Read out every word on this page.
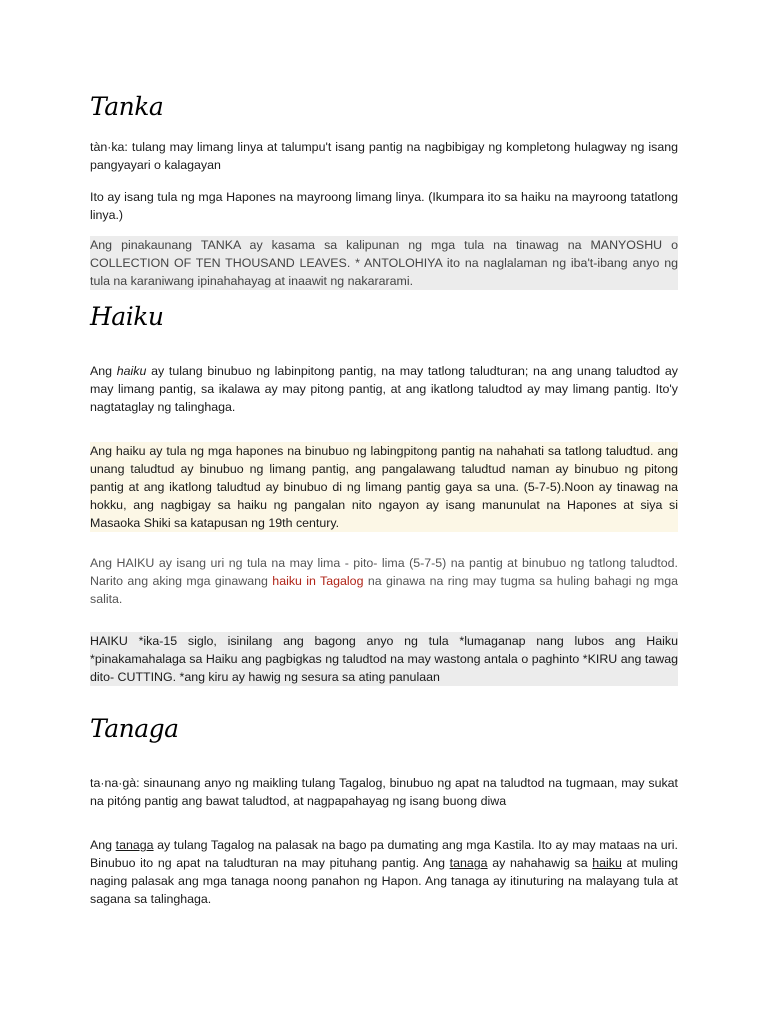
Tanka

tàn·ka: tulang may limang linya at talumpu't isang pantig na nagbibigay ng kompletong hulagway ng isang pangyayari o kalagayan

Ito ay isang tula ng mga Hapones na mayroong limang linya. (Ikumpara ito sa haiku na mayroong tatatlong linya.)

Ang pinakaunang TANKA ay kasama sa kalipunan ng mga tula na tinawag na MANYOSHU o COLLECTION OF TEN THOUSAND LEAVES. * ANTOLOHIYA ito na naglalaman ng iba't-ibang anyo ng tula na karaniwang ipinahahayag at inaawit ng nakararami.

Haiku

Ang haiku ay tulang binubuo ng labinpitong pantig, na may tatlong taludturan; na ang unang taludtod ay may limang pantig, sa ikalawa ay may pitong pantig, at ang ikatlong taludtod ay may limang pantig. Ito'y nagtataglay ng talinghaga.

Ang haiku ay tula ng mga hapones na binubuo ng labingpitong pantig na nahahati sa tatlong taludtud. ang unang taludtud ay binubuo ng limang pantig, ang pangalawang taludtud naman ay binubuo ng pitong pantig at ang ikatlong taludtud ay binubuo di ng limang pantig gaya sa una. (5-7-5).Noon ay tinawag na hokku, ang nagbigay sa haiku ng pangalan nito ngayon ay isang manunulat na Hapones at siya si Masaoka Shiki sa katapusan ng 19th century.

Ang HAIKU ay isang uri ng tula na may lima - pito- lima (5-7-5) na pantig at binubuo ng tatlong taludtod. Narito ang aking mga ginawang haiku in Tagalog na ginawa na ring may tugma sa huling bahagi ng mga salita.

HAIKU *ika-15 siglo, isinilang ang bagong anyo ng tula *lumaganap nang lubos ang Haiku *pinakamahalaga sa Haiku ang pagbigkas ng taludtod na may wastong antala o paghinto *KIRU ang tawag dito- CUTTING. *ang kiru ay hawig ng sesura sa ating panulaan

Tanaga

ta·na·gà: sinaunang anyo ng maikling tulang Tagalog, binubuo ng apat na taludtod na tugmaan, may sukat na pitóng pantig ang bawat taludtod, at nagpapahayag ng isang buong diwa

Ang tanaga ay tulang Tagalog na palasak na bago pa dumating ang mga Kastila. Ito ay may mataas na uri. Binubuo ito ng apat na taludturan na may pituhang pantig. Ang tanaga ay nahahawig sa haiku at muling naging palasak ang mga tanaga noong panahon ng Hapon. Ang tanaga ay itinuturing na malayang tula at sagana sa talinghaga.
